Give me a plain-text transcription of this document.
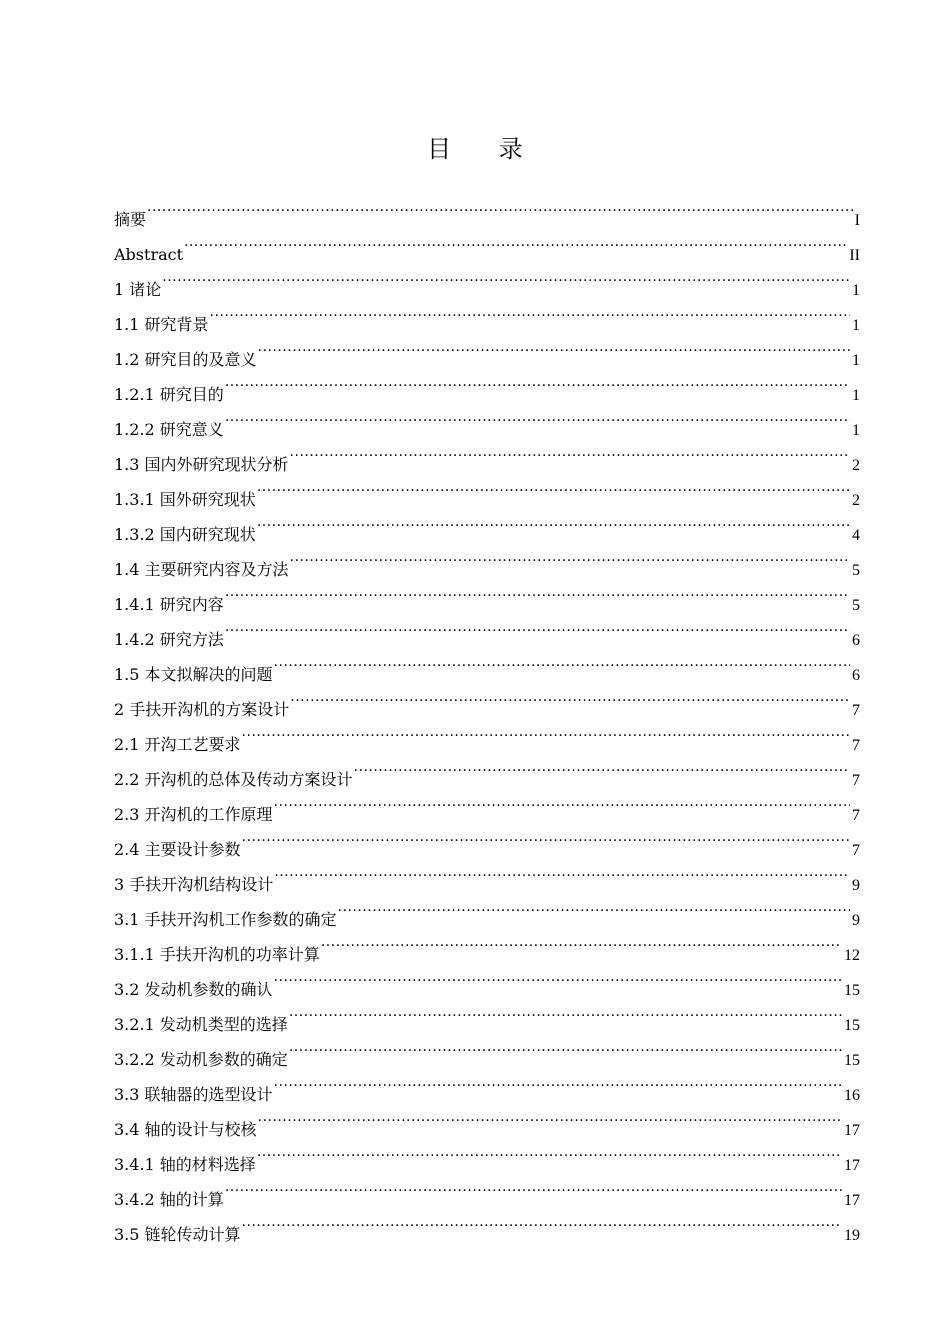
目 录
摘要 .....	I
Abstract .....	II
1 诸论 .....	1
1.1 研究背景 .....	1
1.2 研究目的及意义 .....	1
1.2.1 研究目的 .....	1
1.2.2 研究意义 .....	1
1.3 国内外研究现状分析 .....	2
1.3.1 国外研究现状 .....	2
1.3.2 国内研究现状 .....	4
1.4 主要研究内容及方法 .....	5
1.4.1 研究内容 .....	5
1.4.2 研究方法 .....	6
1.5 本文拟解决的问题 .....	6
2 手扶开沟机的方案设计 .....	7
2.1 开沟工艺要求 .....	7
2.2 开沟机的总体及传动方案设计 .....	7
2.3 开沟机的工作原理 .....	7
2.4 主要设计参数 .....	7
3 手扶开沟机结构设计 .....	9
3.1 手扶开沟机工作参数的确定 .....	9
3.1.1 手扶开沟机的功率计算 .....	12
3.2 发动机参数的确认 .....	15
3.2.1 发动机类型的选择 .....	15
3.2.2 发动机参数的确定 .....	15
3.3 联轴器的选型设计 .....	16
3.4 轴的设计与校核 .....	17
3.4.1 轴的材料选择 .....	17
3.4.2 轴的计算 .....	17
3.5 链轮传动计算 .....	19
